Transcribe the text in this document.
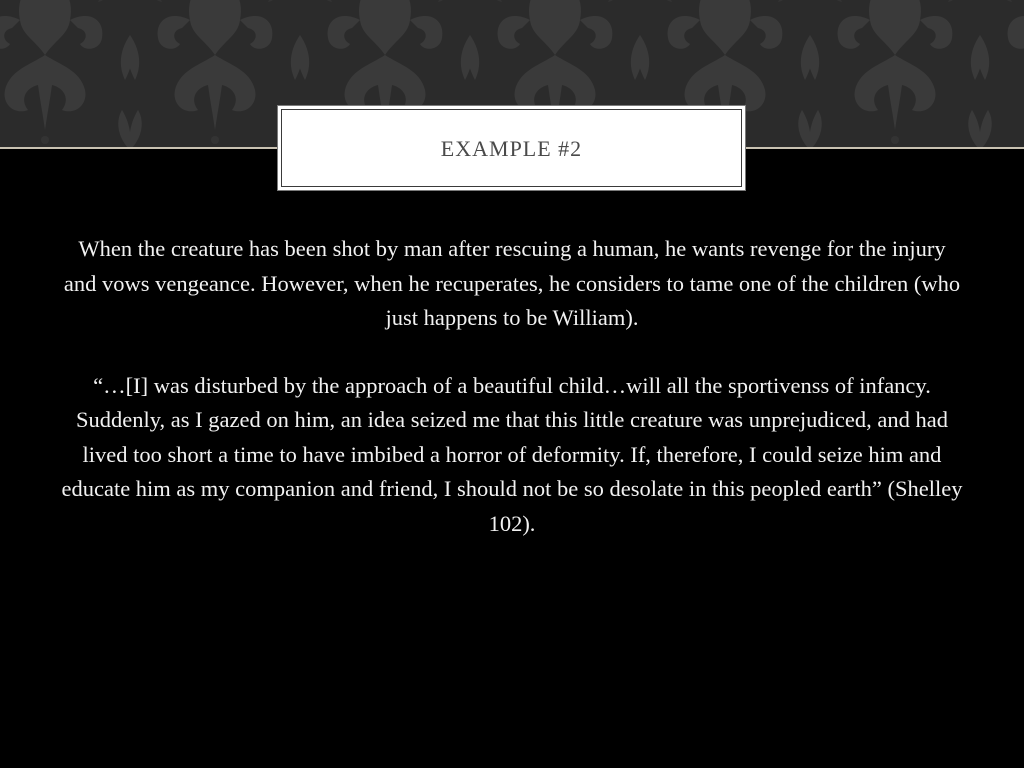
EXAMPLE #2

When the creature has been shot by man after rescuing a human, he wants revenge for the injury and vows vengeance. However, when he recuperates, he considers to tame one of the children (who just happens to be William).

“…[I] was disturbed by the approach of a beautiful child…will all the sportivenss of infancy. Suddenly, as I gazed on him, an idea seized me that this little creature was unprejudiced, and had lived too short a time to have imbibed a horror of deformity. If, therefore, I could seize him and educate him as my companion and friend, I should not be so desolate in this peopled earth” (Shelley 102).
